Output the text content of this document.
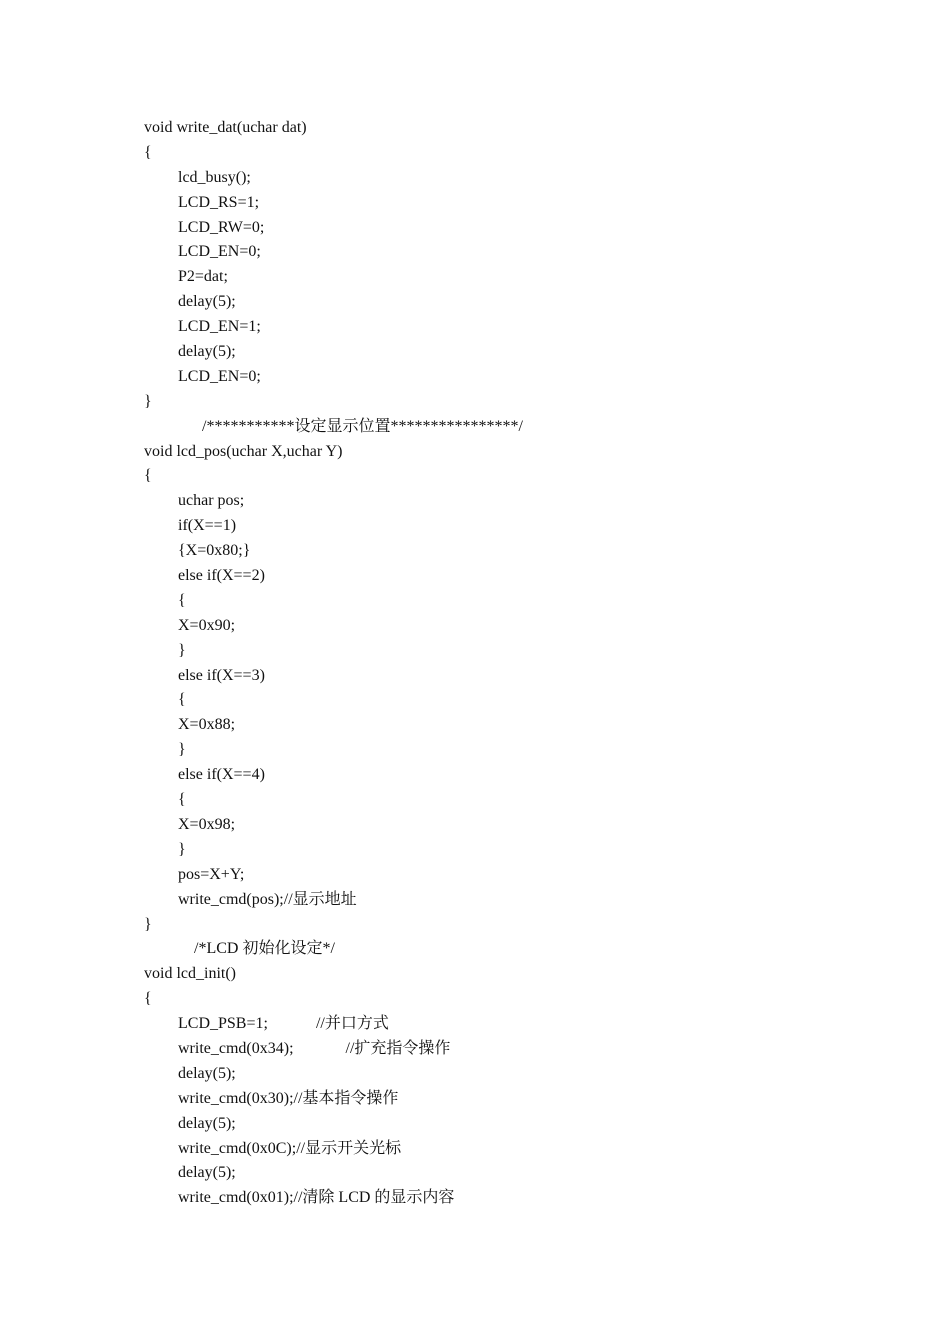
void write_dat(uchar dat)
{
lcd_busy();
LCD_RS=1;
LCD_RW=0;
LCD_EN=0;
P2=dat;
delay(5);
LCD_EN=1;
delay(5);
LCD_EN=0;
}
/***********设定显示位置****************/
void lcd_pos(uchar X,uchar Y)
{
uchar pos;
if(X==1)
{X=0x80;}
else if(X==2)
{
X=0x90;
}
else if(X==3)
{
X=0x88;
}
else if(X==4)
{
X=0x98;
}
pos=X+Y;
write_cmd(pos);//显示地址
}
/*LCD 初始化设定*/
void lcd_init()
{
LCD_PSB=1;	//并口方式
write_cmd(0x34);	//扩充指令操作
delay(5);
write_cmd(0x30);//基本指令操作
delay(5);
write_cmd(0x0C);//显示开关光标
delay(5);
write_cmd(0x01);//清除 LCD 的显示内容
